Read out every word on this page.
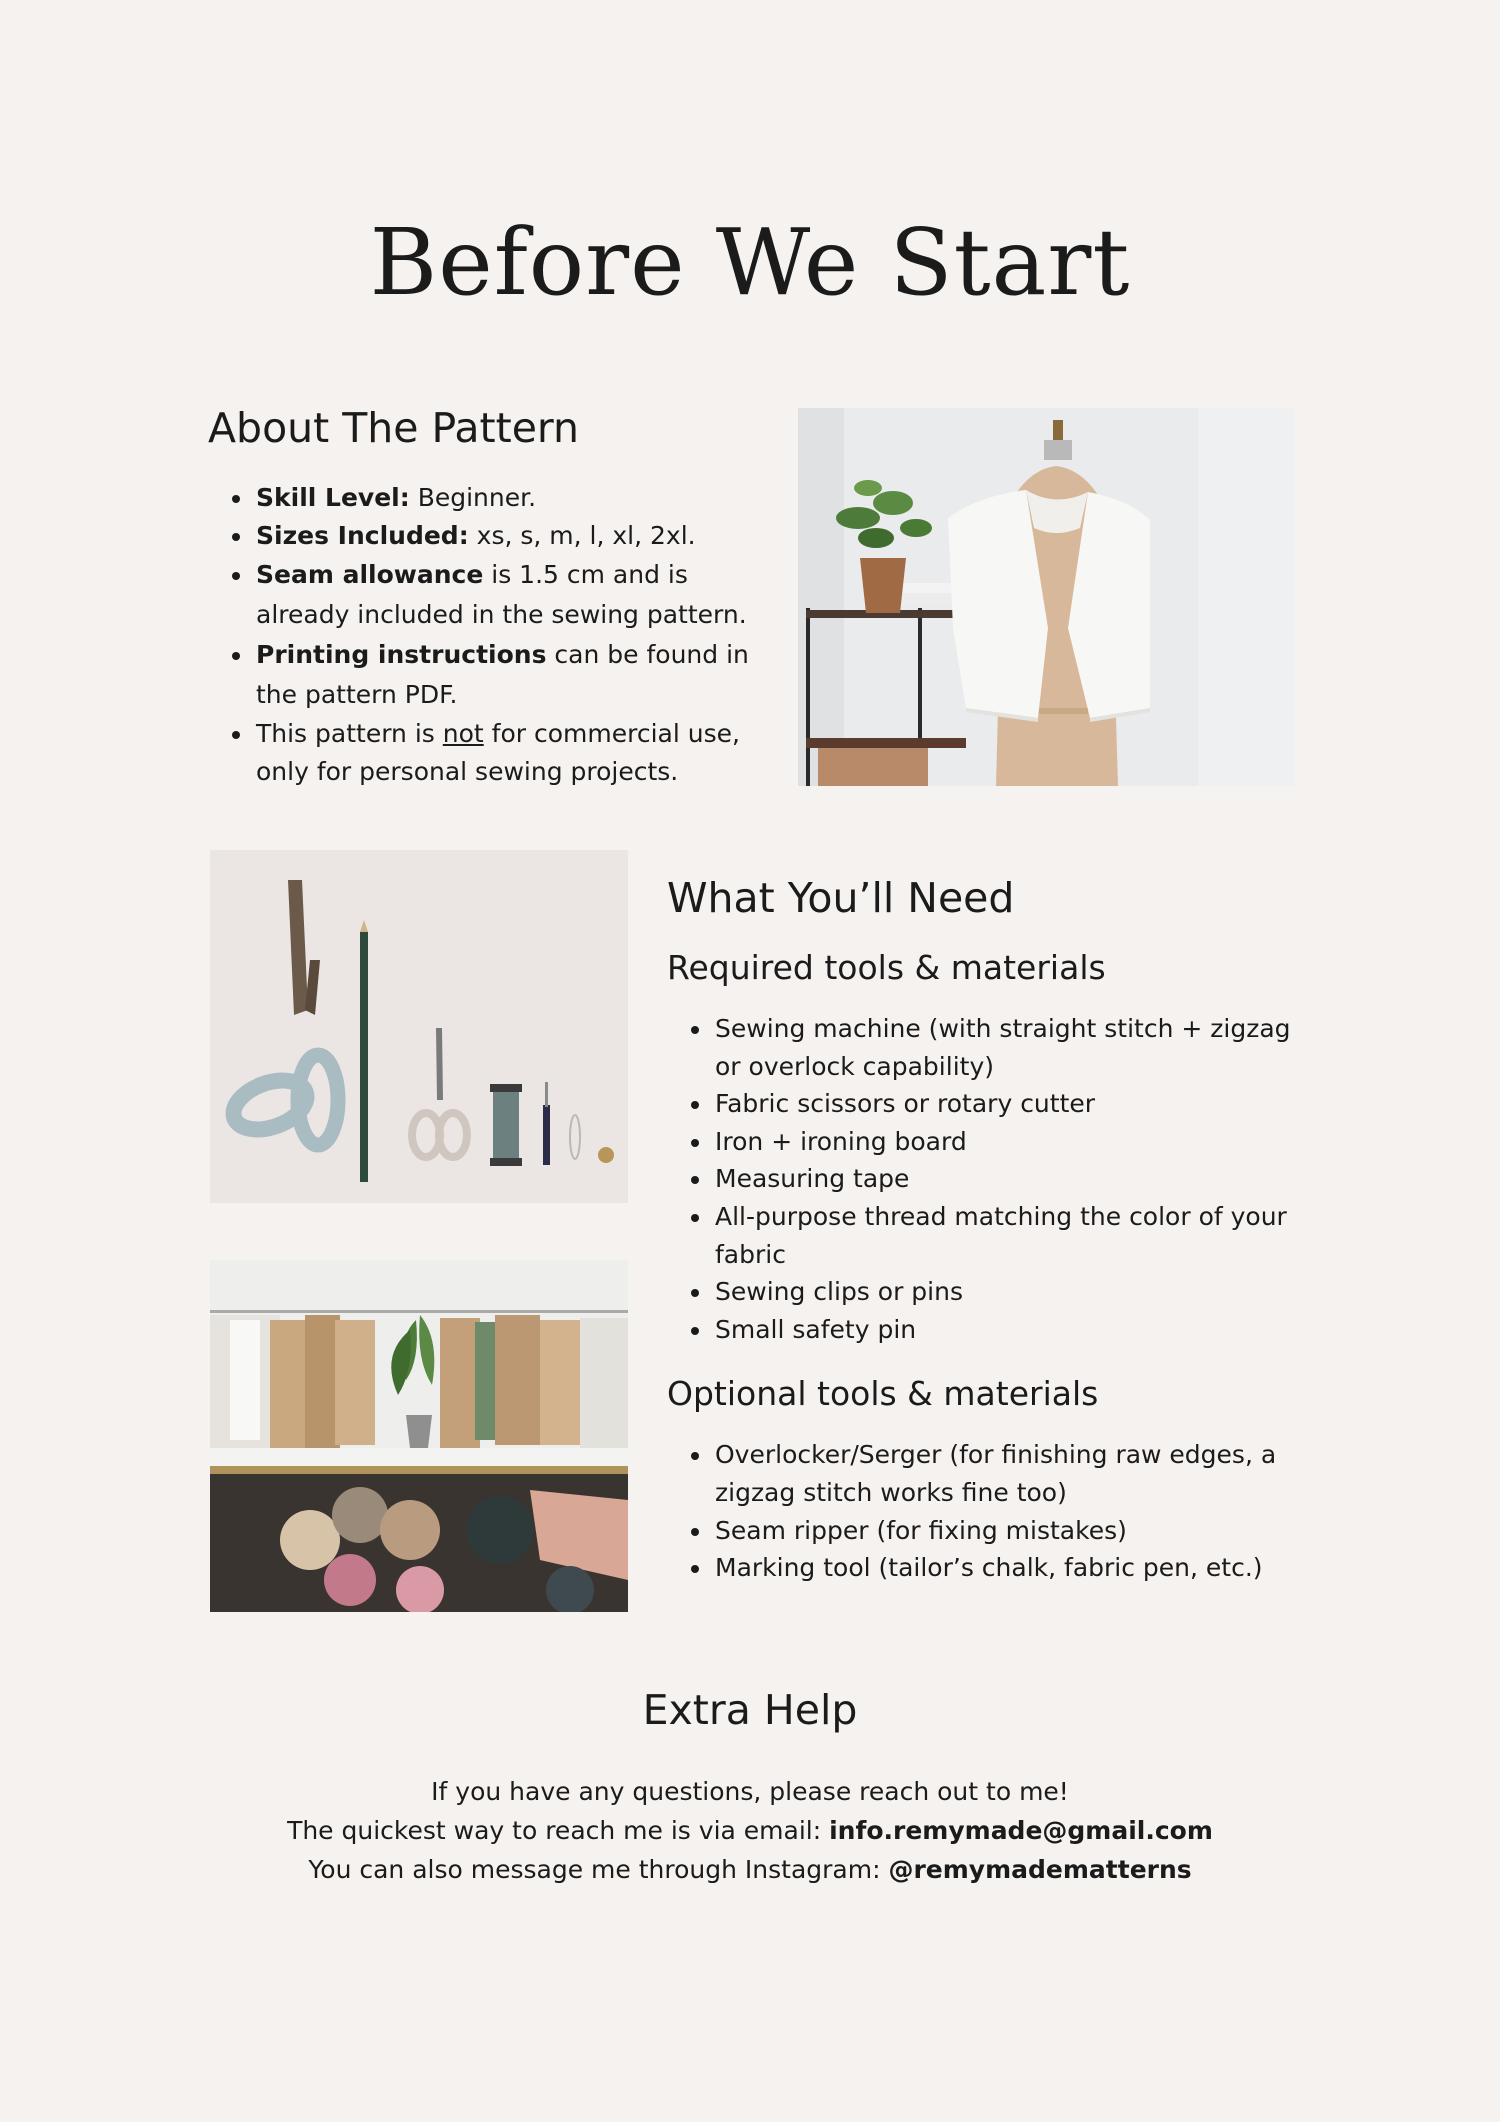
Before We Start
About The Pattern
• Skill Level: Beginner.
• Sizes Included: xs, s, m, l, xl, 2xl.
• Seam allowance is 1.5 cm and is already included in the sewing pattern.
• Printing instructions can be found in the pattern PDF.
• This pattern is not for commercial use, only for personal sewing projects.
What You’ll Need
Required tools & materials
• Sewing machine (with straight stitch + zigzag or overlock capability)
• Fabric scissors or rotary cutter
• Iron + ironing board
• Measuring tape
• All-purpose thread matching the color of your fabric
• Sewing clips or pins
• Small safety pin
Optional tools & materials
• Overlocker/Serger (for finishing raw edges, a zigzag stitch works fine too)
• Seam ripper (for fixing mistakes)
• Marking tool (tailor’s chalk, fabric pen, etc.)
Extra Help

If you have any questions, please reach out to me!

The quickest way to reach me is via email: info.remymade@gmail.com

You can also message me through Instagram: @remymadematterns
